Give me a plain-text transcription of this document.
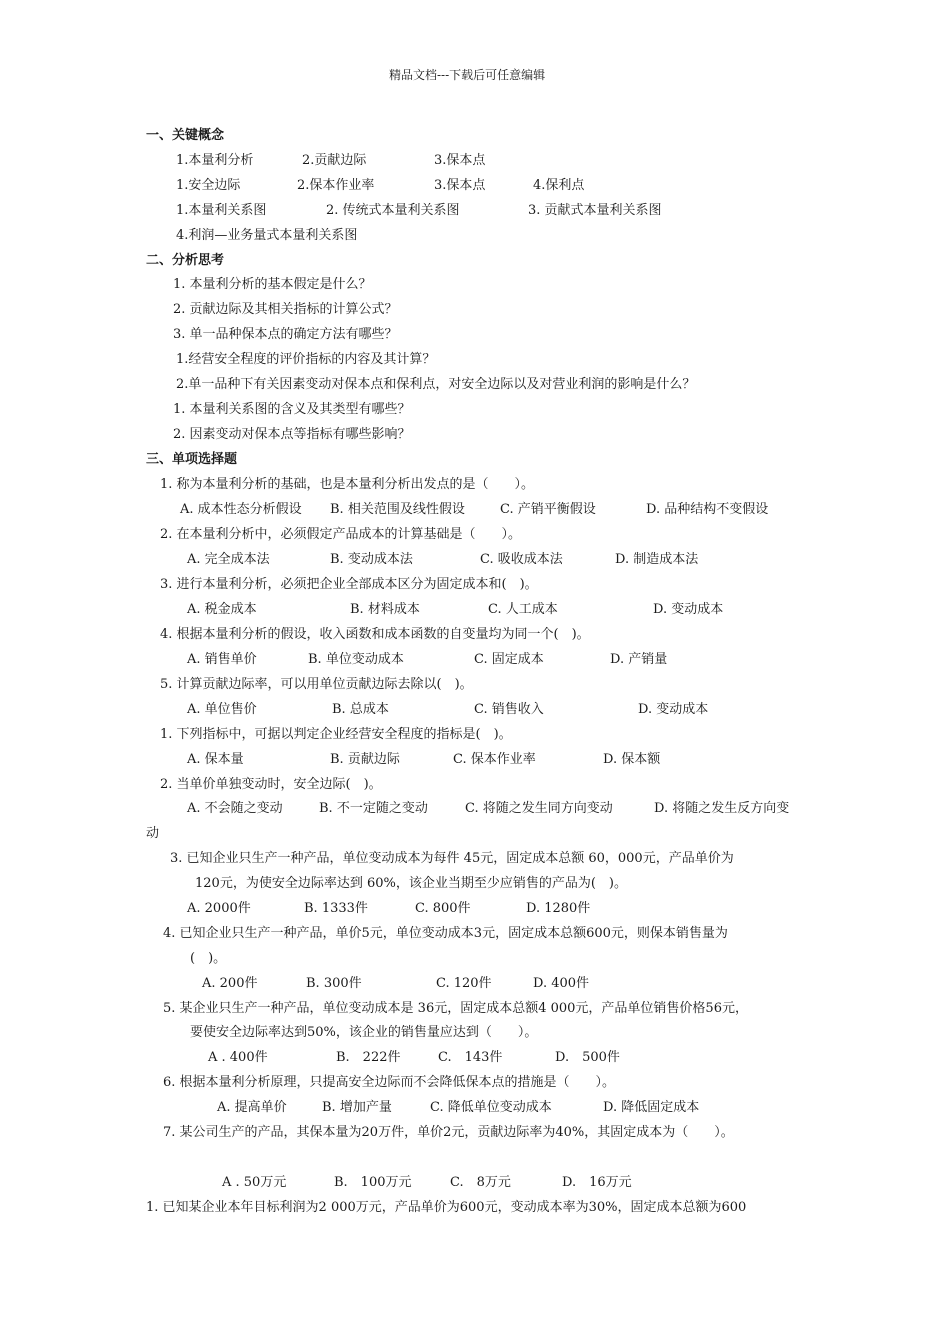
精品文档---下载后可任意编辑
一、关键概念
1.本量利分析	2.贡献边际	3.保本点
1.安全边际	2.保本作业率	3.保本点	4.保利点
1.本量利关系图	2. 传统式本量利关系图	3. 贡献式本量利关系图
4.利润—业务量式本量利关系图
二、分析思考
1. 本量利分析的基本假定是什么？
2. 贡献边际及其相关指标的计算公式？
3. 单一品种保本点的确定方法有哪些？
1.经营安全程度的评价指标的内容及其计算？
2.单一品种下有关因素变动对保本点和保利点，对安全边际以及对营业利润的影响是什么？
1. 本量利关系图的含义及其类型有哪些？
2. 因素变动对保本点等指标有哪些影响？
三、单项选择题
1. 称为本量利分析的基础，也是本量利分析出发点的是（　　）。
A. 成本性态分析假设 B. 相关范围及线性假设	C. 产销平衡假设	D. 品种结构不变假设
2. 在本量利分析中，必须假定产品成本的计算基础是（　　）。
A. 完全成本法	B. 变动成本法	C. 吸收成本法	D. 制造成本法
3. 进行本量利分析，必须把企业全部成本区分为固定成本和(　)。
A. 税金成本	B. 材料成本	C. 人工成本	D. 变动成本
4. 根据本量利分析的假设，收入函数和成本函数的自变量均为同一个(　)。
A. 销售单价	B. 单位变动成本	C. 固定成本	D. 产销量
5. 计算贡献边际率，可以用单位贡献边际去除以(　)。
A. 单位售价	B. 总成本	C. 销售收入	D. 变动成本
1. 下列指标中，可据以判定企业经营安全程度的指标是(　)。
A. 保本量	B. 贡献边际	C. 保本作业率	D. 保本额
2. 当单价单独变动时，安全边际(　)。
A. 不会随之变动	B. 不一定随之变动	C. 将随之发生同方向变动	D. 将随之发生反方向变
动
3. 已知企业只生产一种产品，单位变动成本为每件 45元，固定成本总额 60，000元，产品单价为
120元，为使安全边际率达到 60%，该企业当期至少应销售的产品为(　)。
A. 2000件	B. 1333件	C. 800件	D. 1280件
4. 已知企业只生产一种产品，单价5元，单位变动成本3元，固定成本总额600元，则保本销售量为
(　)。
A. 200件	B. 300件	C. 120件	D. 400件
5. 某企业只生产一种产品，单位变动成本是 36元，固定成本总额4 000元，产品单位销售价格56元，
要使安全边际率达到50%，该企业的销售量应达到（　　）。
A . 400件	B.　222件	C.　143件	D.　500件
6. 根据本量利分析原理，只提高安全边际而不会降低保本点的措施是（　　）。
A. 提高单价	B. 增加产量	C. 降低单位变动成本	D. 降低固定成本
7. 某公司生产的产品，其保本量为20万件，单价2元，贡献边际率为40%，其固定成本为（　　）。
A . 50万元	B.　100万元	C.　8万元	D.　16万元
1. 已知某企业本年目标利润为2 000万元，产品单价为600元，变动成本率为30%，固定成本总额为600
